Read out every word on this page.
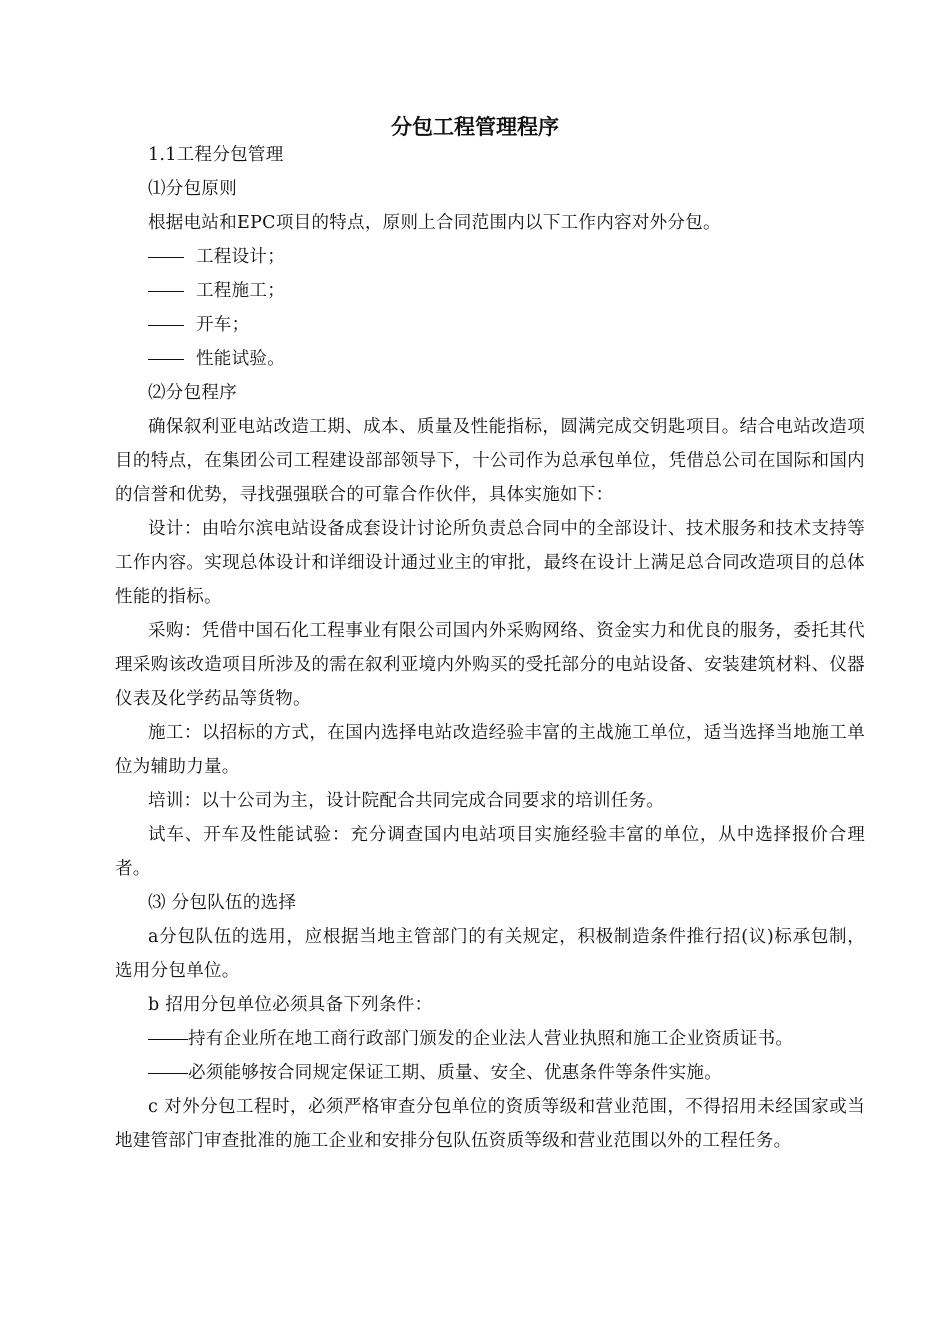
分包工程管理程序

1.1工程分包管理

⑴分包原则

根据电站和EPC项目的特点，原则上合同范围内以下工作内容对外分包。

工程设计；

工程施工；

开车；

性能试验。

⑵分包程序

确保叙利亚电站改造工期、成本、质量及性能指标，圆满完成交钥匙项目。结合电站改造项目的特点，在集团公司工程建设部部领导下，十公司作为总承包单位，凭借总公司在国际和国内的信誉和优势，寻找强强联合的可靠合作伙伴，具体实施如下：

设计：由哈尔滨电站设备成套设计讨论所负责总合同中的全部设计、技术服务和技术支持等工作内容。实现总体设计和详细设计通过业主的审批，最终在设计上满足总合同改造项目的总体性能的指标。

采购：凭借中国石化工程事业有限公司国内外采购网络、资金实力和优良的服务，委托其代理采购该改造项目所涉及的需在叙利亚境内外购买的受托部分的电站设备、安装建筑材料、仪器仪表及化学药品等货物。

施工：以招标的方式，在国内选择电站改造经验丰富的主战施工单位，适当选择当地施工单位为辅助力量。

培训：以十公司为主，设计院配合共同完成合同要求的培训任务。

试车、开车及性能试验：充分调查国内电站项目实施经验丰富的单位，从中选择报价合理者。

⑶ 分包队伍的选择

a分包队伍的选用，应根据当地主管部门的有关规定，积极制造条件推行招(议)标承包制，选用分包单位。

b 招用分包单位必须具备下列条件：

持有企业所在地工商行政部门颁发的企业法人营业执照和施工企业资质证书。

必须能够按合同规定保证工期、质量、安全、优惠条件等条件实施。

c 对外分包工程时，必须严格审查分包单位的资质等级和营业范围，不得招用未经国家或当地建管部门审查批准的施工企业和安排分包队伍资质等级和营业范围以外的工程任务。
